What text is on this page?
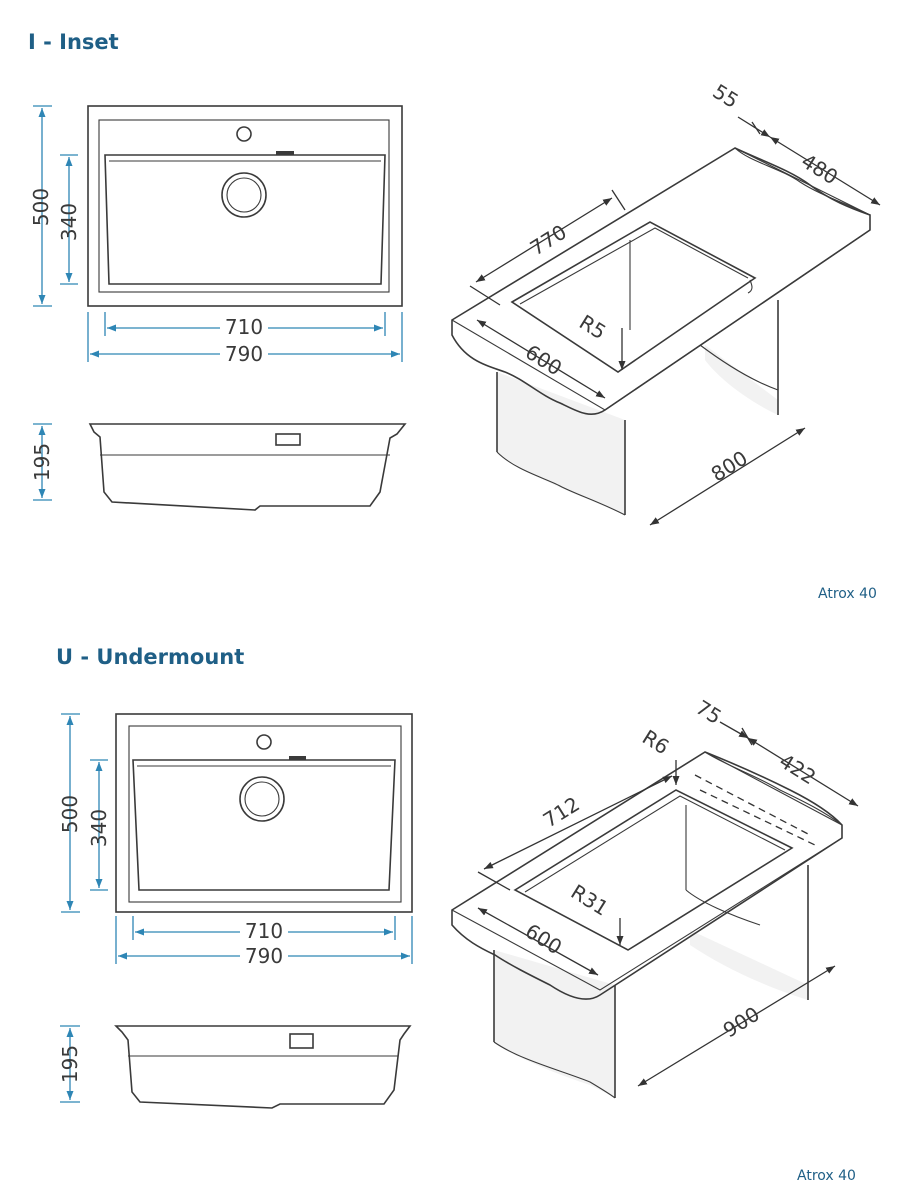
I - Inset
U - Undermount
Atrox 40
Atrox 40
710
790
500 340
195
770
55
480
R5
600
800
710
790
500 340
195
712
75
422
R6
R31
600
900
